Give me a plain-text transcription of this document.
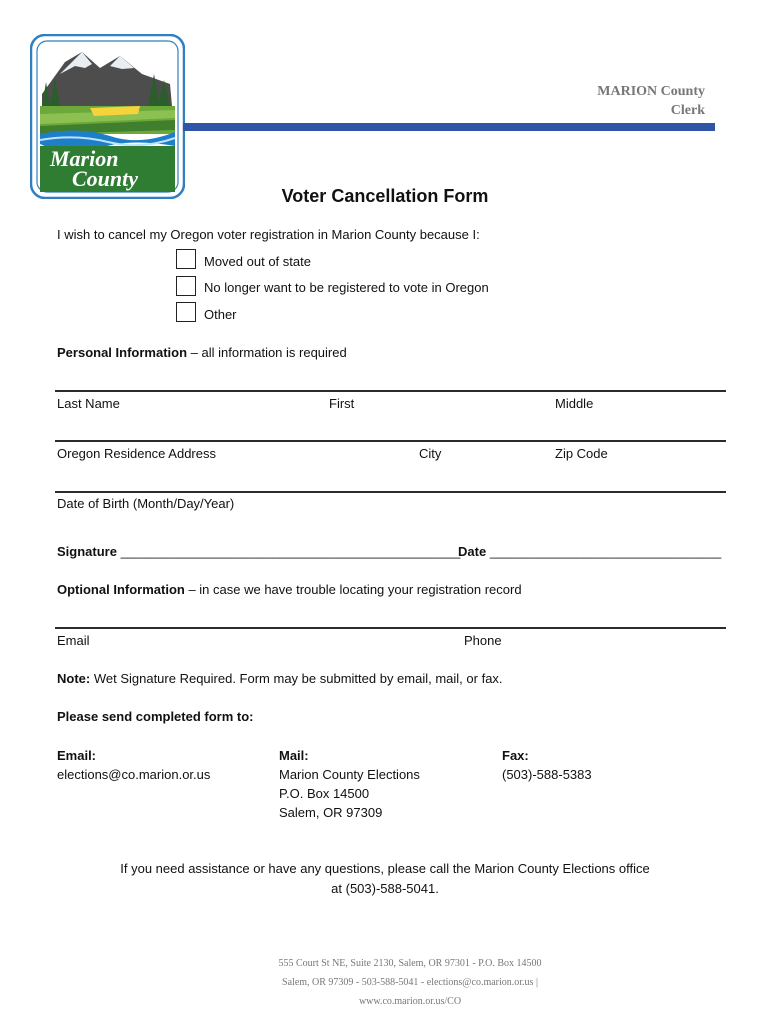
Marion
County
MARION County
Clerk
Voter Cancellation Form
I wish to cancel my Oregon voter registration in Marion County because I:
Moved out of state
No longer want to be registered to vote in Oregon
Other
Personal Information – all information is required
Last Name	First	Middle
Oregon Residence Address	City	Zip Code
Date of Birth (Month/Day/Year)
Signature _______________________________________________
Date ________________________________
Optional Information – in case we have trouble locating your registration record
Email	Phone
Note: Wet Signature Required. Form may be submitted by email, mail, or fax.
Please send completed form to:
Email:
elections@co.marion.or.us
Mail:
Marion County Elections
P.O. Box 14500
Salem, OR 97309
Fax:
(503)-588-5383
If you need assistance or have any questions, please call the Marion County Elections office
at (503)-588-5041.
555 Court St NE, Suite 2130, Salem, OR 97301 - P.O. Box 14500
Salem, OR 97309 - 503-588-5041 - elections@co.marion.or.us |
www.co.marion.or.us/CO
